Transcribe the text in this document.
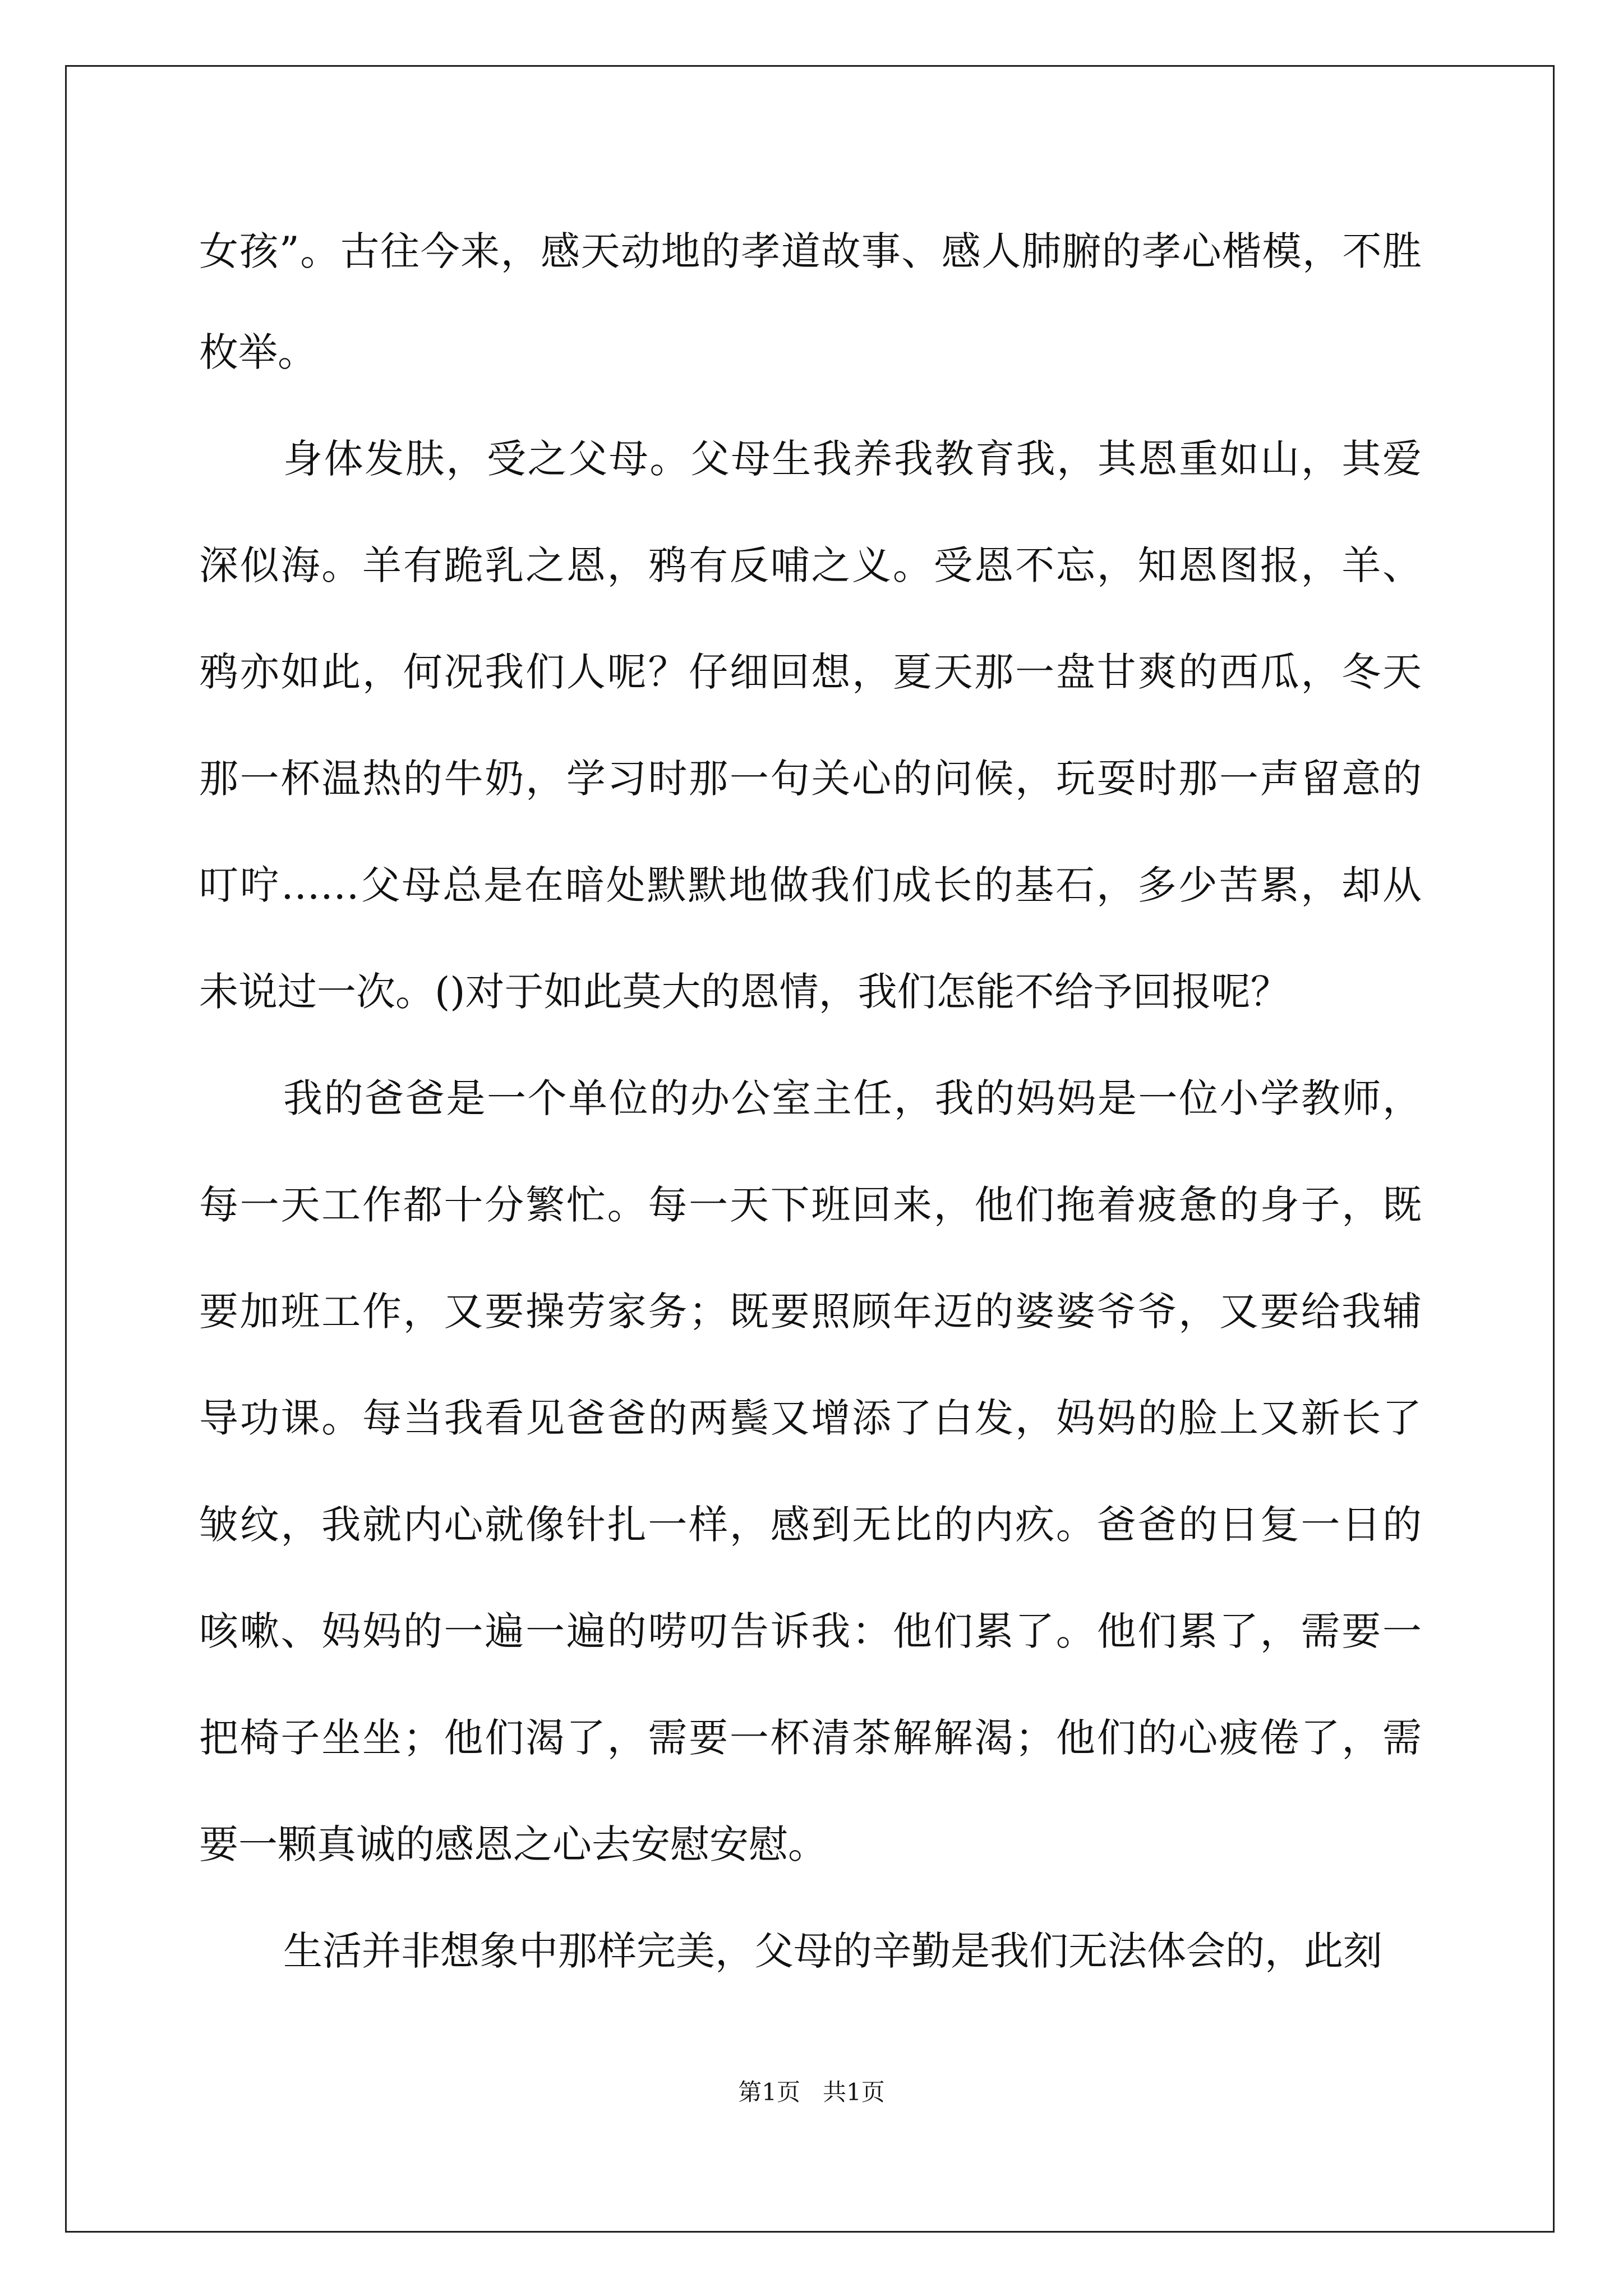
女孩”。古往今来，感天动地的孝道故事、感人肺腑的孝心楷模，不胜
枚举。
身体发肤，受之父母。父母生我养我教育我，其恩重如山，其爱
深似海。羊有跪乳之恩，鸦有反哺之义。受恩不忘，知恩图报，羊、
鸦亦如此，何况我们人呢？仔细回想，夏天那一盘甘爽的西瓜，冬天
那一杯温热的牛奶，学习时那一句关心的问候，玩耍时那一声留意的
叮咛……父母总是在暗处默默地做我们成长的基石，多少苦累，却从
未说过一次。()对于如此莫大的恩情，我们怎能不给予回报呢？
我的爸爸是一个单位的办公室主任，我的妈妈是一位小学教师，
每一天工作都十分繁忙。每一天下班回来，他们拖着疲惫的身子，既
要加班工作，又要操劳家务；既要照顾年迈的婆婆爷爷，又要给我辅
导功课。每当我看见爸爸的两鬓又增添了白发，妈妈的脸上又新长了
皱纹，我就内心就像针扎一样，感到无比的内疚。爸爸的日复一日的
咳嗽、妈妈的一遍一遍的唠叨告诉我：他们累了。他们累了，需要一
把椅子坐坐；他们渴了，需要一杯清茶解解渴；他们的心疲倦了，需
要一颗真诚的感恩之心去安慰安慰。
生活并非想象中那样完美，父母的辛勤是我们无法体会的，此刻
第1页 共1页
